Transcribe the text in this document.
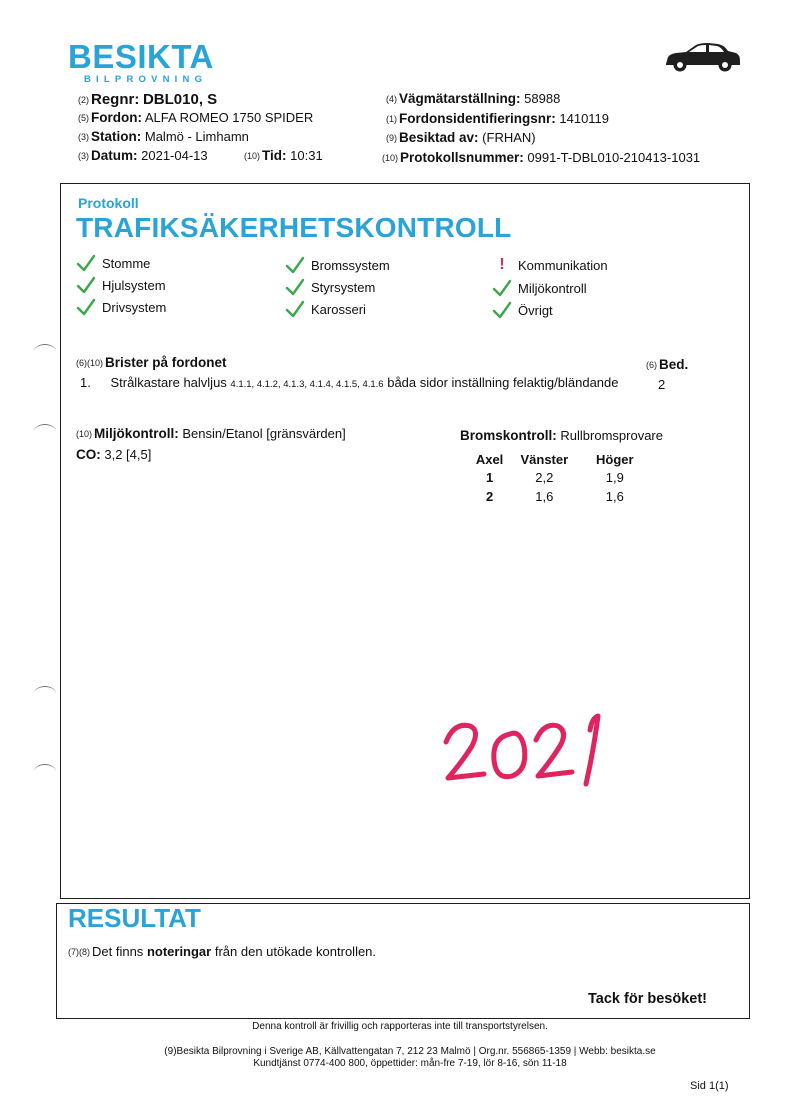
BESIKTA
BILPROVNING
(2) Regnr: DBL010, S
(5) Fordon: ALFA ROMEO 1750 SPIDER
(3) Station: Malmö - Limhamn
(3) Datum: 2021-04-13	(10) Tid: 10:31
(4) Vägmätarställning: 58988
(1) Fordonsidentifieringsnr: 1410119
(9) Besiktad av: (FRHAN)
(10) Protokollsnummer: 0991-T-DBL010-210413-1031
Protokoll
TRAFIKSÄKERHETSKONTROLL
Stomme
Hjulsystem
Drivsystem
Bromssystem
Styrsystem
Karosseri
!	Kommunikation
Miljökontroll
Övrigt
(6)(10) Brister på fordonet	(6) Bed.
1. Strålkastare halvljus 4.1.1, 4.1.2, 4.1.3, 4.1.4, 4.1.5, 4.1.6 båda sidor inställning felaktig/bländande	2
(10) Miljökontroll: Bensin/Etanol [gränsvärden]
CO: 3,2 [4,5]
Bromskontroll: Rullbromsprovare
Axel	Vänster	Höger
1	2,2	1,9
2	1,6	1,6
RESULTAT
(7)(8) Det finns noteringar från den utökade kontrollen.
Tack för besöket!
Denna kontroll är frivillig och rapporteras inte till transportstyrelsen.
(9)Besikta Bilprovning i Sverige AB, Källvattengatan 7, 212 23 Malmö | Org.nr. 556865-1359 | Webb: besikta.se
Kundtjänst 0774-400 800, öppettider: mån-fre 7-19, lör 8-16, sön 11-18
Sid 1(1)
